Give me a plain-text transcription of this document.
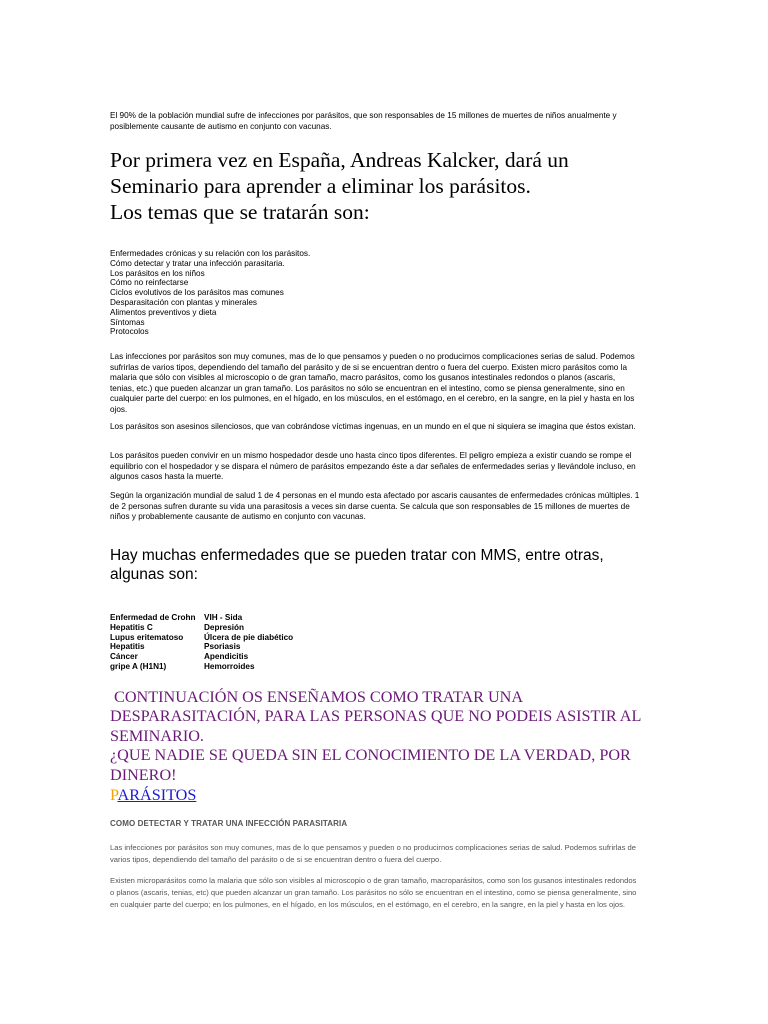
El 90% de la población mundial sufre de infecciones por parásitos, que son responsables de 15 millones de muertes de niños anualmente y posiblemente causante de autismo en conjunto con vacunas.

Por primera vez en España, Andreas Kalcker, dará un
Seminario para aprender a eliminar los parásitos.
Los temas que se tratarán son:
Enfermedades crónicas y su relación con los parásitos.
Cómo detectar y tratar una infección parasitaria.
Los parásitos en los niños
Cómo no reinfectarse
Ciclos evolutivos de los parásitos mas comunes
Desparasitación con plantas y minerales
Alimentos preventivos y dieta
Síntomas
Protocolos

Las infecciones por parásitos son muy comunes, mas de lo que pensamos y pueden o no producirnos complicaciones serias de salud. Podemos sufrirlas de varios tipos, dependiendo del tamaño del parásito y de si se encuentran dentro o fuera del cuerpo. Existen micro parásitos como la malaria que sólo con visibles al microscopio o de gran tamaño, macro parásitos, como los gusanos intestinales redondos o planos (ascaris, tenias, etc.) que pueden alcanzar un gran tamaño. Los parásitos no sólo se encuentran en el intestino, como se piensa generalmente, sino en cualquier parte del cuerpo: en los pulmones, en el hígado, en los músculos, en el estómago, en el cerebro, en la sangre, en la piel y hasta en los ojos.

Los parásitos son asesinos silenciosos, que van cobrándose víctimas ingenuas, en un mundo en el que ni siquiera se imagina que éstos existan.

Los parásitos pueden convivir en un mismo hospedador desde uno hasta cinco tipos diferentes. El peligro empieza a existir cuando se rompe el equilibrio con el hospedador y se dispara el número de parásitos empezando éste a dar señales de enfermedades serias y llevándole incluso, en algunos casos hasta la muerte.

Según la organización mundial de salud 1 de 4 personas en el mundo esta afectado por ascaris causantes de enfermedades crónicas múltiples. 1 de 2 personas sufren durante su vida una parasitosis a veces sin darse cuenta. Se calcula que son responsables de 15 millones de muertes de niños y probablemente causante de autismo en conjunto con vacunas.

Hay muchas enfermedades que se pueden tratar con MMS, entre otras, algunas son:

Enfermedad de Crohn	VIH - Sida
Hepatitis C	Depresión
Lupus eritematoso	Úlcera de pie diabético
Hepatitis	Psoriasis
Cáncer	Apendicitis
gripe A (H1N1)	Hemorroides
CONTINUACIÓN OS ENSEÑAMOS COMO TRATAR UNA
DESPARASITACIÓN, PARA LAS PERSONAS QUE NO PODEIS ASISTIR AL
SEMINARIO.
¿QUE NADIE SE QUEDA SIN EL CONOCIMIENTO DE LA VERDAD, POR
DINERO!
PARÁSITOS

COMO DETECTAR Y TRATAR UNA INFECCIÓN PARASITARIA

Las infecciones por parásitos son muy comunes, mas de lo que pensamos y pueden o no producirnos complicaciones serias de salud. Podemos sufrirlas de varios tipos, dependiendo del tamaño del parásito o de si se encuentran dentro o fuera del cuerpo.

Existen microparásitos como la malaria que sólo son visibles al microscopio o de gran tamaño, macroparásitos, como son los gusanos intestinales redondos o planos (ascaris, tenias, etc) que pueden alcanzar un gran tamaño. Los parásitos no sólo se encuentran en el intestino, como se piensa generalmente, sino en cualquier parte del cuerpo; en los pulmones, en el hígado, en los músculos, en el estómago, en el cerebro, en la sangre, en la piel y hasta en los ojos.
